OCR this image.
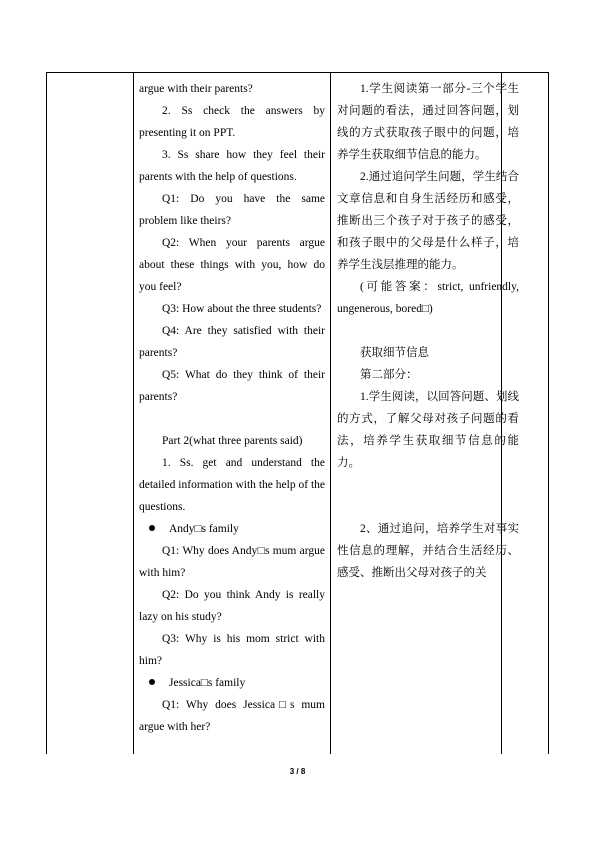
argue with their parents?

2. Ss check the answers by presenting it on PPT.

3. Ss share how they feel their parents with the help of questions.

Q1: Do you have the same problem like theirs?

Q2: When your parents argue about these things with you, how do you feel?

Q3: How about the three students?

Q4: Are they satisfied with their parents?

Q5: What do they think of their parents?

Part 2(what three parents said)

1. Ss. get and understand the detailed information with the help of the questions.

Andy□s family

Q1: Why does Andy□s mum argue with him?

Q2: Do you think Andy is really lazy on his study?

Q3: Why is his mom strict with him?

Jessica□s family

Q1: Why does Jessica□s mum argue with her?

1.学生阅读第一部分-三个学生对问题的看法，通过回答问题，划线的方式获取孩子眼中的问题，培养学生获取细节信息的能力。

2.通过追问学生问题，学生结合文章信息和自身生活经历和感受，推断出三个孩子对于孩子的感受，和孩子眼中的父母是什么样子，培养学生浅层推理的能力。

(可能答案：strict, unfriendly, ungenerous, bored□)

获取细节信息

第二部分：

1.学生阅读，以回答问题、划线的方式，了解父母对孩子问题的看法，培养学生获取细节信息的能力。

2、通过追问，培养学生对事实性信息的理解，并结合生活经历、感受、推断出父母对孩子的关

3 / 8
